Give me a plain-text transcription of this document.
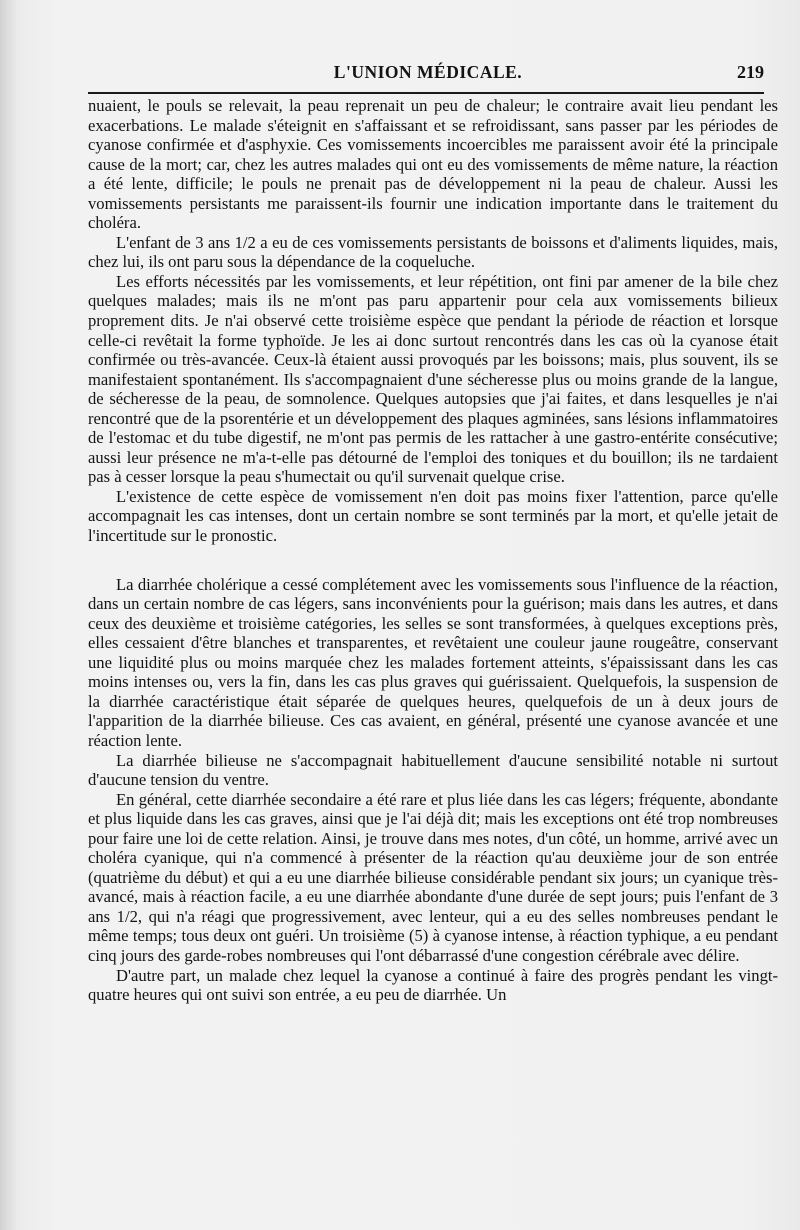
L'UNION MÉDICALE.	219

nuaient, le pouls se relevait, la peau reprenait un peu de chaleur; le contraire avait lieu pendant les exacerbations. Le malade s'éteignit en s'affaissant et se refroidissant, sans passer par les périodes de cyanose confirmée et d'asphyxie. Ces vomissements incoercibles me paraissent avoir été la principale cause de la mort; car, chez les autres malades qui ont eu des vomissements de même nature, la réaction a été lente, difficile; le pouls ne prenait pas de développement ni la peau de chaleur. Aussi les vomissements persistants me paraissent-ils fournir une indication importante dans le traitement du choléra.

L'enfant de 3 ans 1/2 a eu de ces vomissements persistants de boissons et d'aliments liquides, mais, chez lui, ils ont paru sous la dépendance de la coqueluche.

Les efforts nécessités par les vomissements, et leur répétition, ont fini par amener de la bile chez quelques malades; mais ils ne m'ont pas paru appartenir pour cela aux vomissements bilieux proprement dits. Je n'ai observé cette troisième espèce que pendant la période de réaction et lorsque celle-ci revêtait la forme typhoïde. Je les ai donc surtout rencontrés dans les cas où la cyanose était confirmée ou très-avancée. Ceux-là étaient aussi provoqués par les boissons; mais, plus souvent, ils se manifestaient spontanément. Ils s'accompagnaient d'une sécheresse plus ou moins grande de la langue, de sécheresse de la peau, de somnolence. Quelques autopsies que j'ai faites, et dans lesquelles je n'ai rencontré que de la psorentérie et un développement des plaques agminées, sans lésions inflammatoires de l'estomac et du tube digestif, ne m'ont pas permis de les rattacher à une gastro-entérite consécutive; aussi leur présence ne m'a-t-elle pas détourné de l'emploi des toniques et du bouillon; ils ne tardaient pas à cesser lorsque la peau s'humectait ou qu'il survenait quelque crise.

L'existence de cette espèce de vomissement n'en doit pas moins fixer l'attention, parce qu'elle accompagnait les cas intenses, dont un certain nombre se sont terminés par la mort, et qu'elle jetait de l'incertitude sur le pronostic.

La diarrhée cholérique a cessé complétement avec les vomissements sous l'influence de la réaction, dans un certain nombre de cas légers, sans inconvénients pour la guérison; mais dans les autres, et dans ceux des deuxième et troisième catégories, les selles se sont transformées, à quelques exceptions près, elles cessaient d'être blanches et transparentes, et revêtaient une couleur jaune rougeâtre, conservant une liquidité plus ou moins marquée chez les malades fortement atteints, s'épaississant dans les cas moins intenses ou, vers la fin, dans les cas plus graves qui guérissaient. Quelquefois, la suspension de la diarrhée caractéristique était séparée de quelques heures, quelquefois de un à deux jours de l'apparition de la diarrhée bilieuse. Ces cas avaient, en général, présenté une cyanose avancée et une réaction lente.

La diarrhée bilieuse ne s'accompagnait habituellement d'aucune sensibilité notable ni surtout d'aucune tension du ventre.

En général, cette diarrhée secondaire a été rare et plus liée dans les cas légers; fréquente, abondante et plus liquide dans les cas graves, ainsi que je l'ai déjà dit; mais les exceptions ont été trop nombreuses pour faire une loi de cette relation. Ainsi, je trouve dans mes notes, d'un côté, un homme, arrivé avec un choléra cyanique, qui n'a commencé à présenter de la réaction qu'au deuxième jour de son entrée (quatrième du début) et qui a eu une diarrhée bilieuse considérable pendant six jours; un cyanique très-avancé, mais à réaction facile, a eu une diarrhée abondante d'une durée de sept jours; puis l'enfant de 3 ans 1/2, qui n'a réagi que progressivement, avec lenteur, qui a eu des selles nombreuses pendant le même temps; tous deux ont guéri. Un troisième (5) à cyanose intense, à réaction typhique, a eu pendant cinq jours des garde-robes nombreuses qui l'ont débarrassé d'une congestion cérébrale avec délire.

D'autre part, un malade chez lequel la cyanose a continué à faire des progrès pendant les vingt-quatre heures qui ont suivi son entrée, a eu peu de diarrhée. Un
